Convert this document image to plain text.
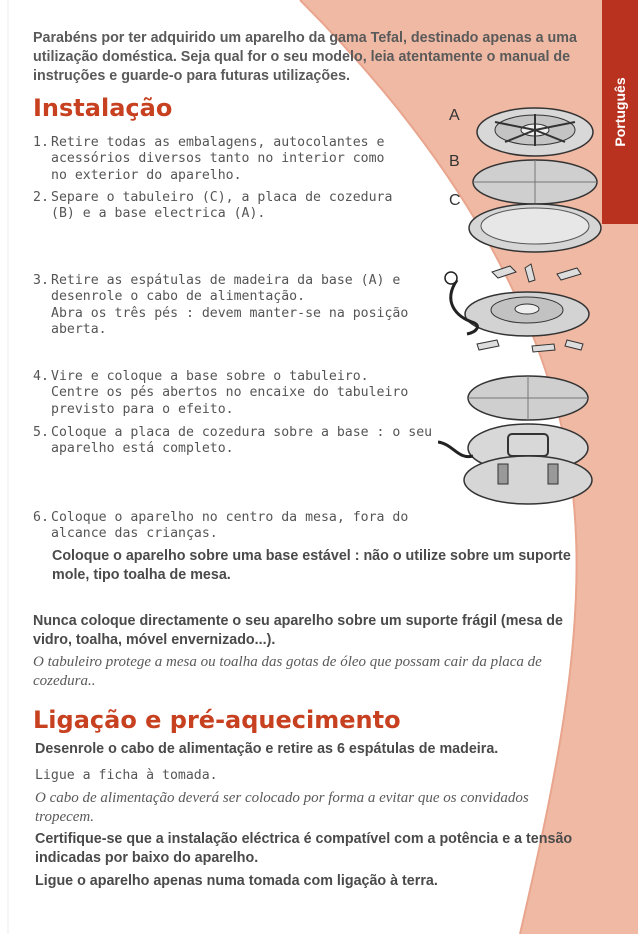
Português
Parabéns por ter adquirido um aparelho da gama Tefal, destinado apenas a uma utilização doméstica. Seja qual for o seu modelo, leia atentamente o manual de instruções e guarde-o para futuras utilizações.
Instalação
1. Retire todas as embalagens, autocolantes e acessórios diversos tanto no interior como no exterior do aparelho.
2. Separe o tabuleiro (C), a placa de cozedura (B) e a base electrica (A).
3. Retire as espátulas de madeira da base (A) e desenrole o cabo de alimentação.
Abra os três pés : devem manter-se na posição aberta.
4. Vire e coloque a base sobre o tabuleiro. Centre os pés abertos no encaixe do tabuleiro previsto para o efeito.
5. Coloque a placa de cozedura sobre a base : o seu aparelho está completo.
6. Coloque o aparelho no centro da mesa, fora do alcance das crianças.
Coloque o aparelho sobre uma base estável : não o utilize sobre um suporte mole, tipo toalha de mesa.
Nunca coloque directamente o seu aparelho sobre um suporte frágil (mesa de vidro, toalha, móvel envernizado...).
O tabuleiro protege a mesa ou toalha das gotas de óleo que possam cair da placa de cozedura..
Ligação e pré-aquecimento
Desenrole o cabo de alimentação e retire as 6 espátulas de madeira.
Ligue a ficha à tomada.
O cabo de alimentação deverá ser colocado por forma a evitar que os convidados tropecem.
Certifique-se que a instalação eléctrica é compatível com a potência e a tensão indicadas por baixo do aparelho.
Ligue o aparelho apenas numa tomada com ligação à terra.
A
B
C
